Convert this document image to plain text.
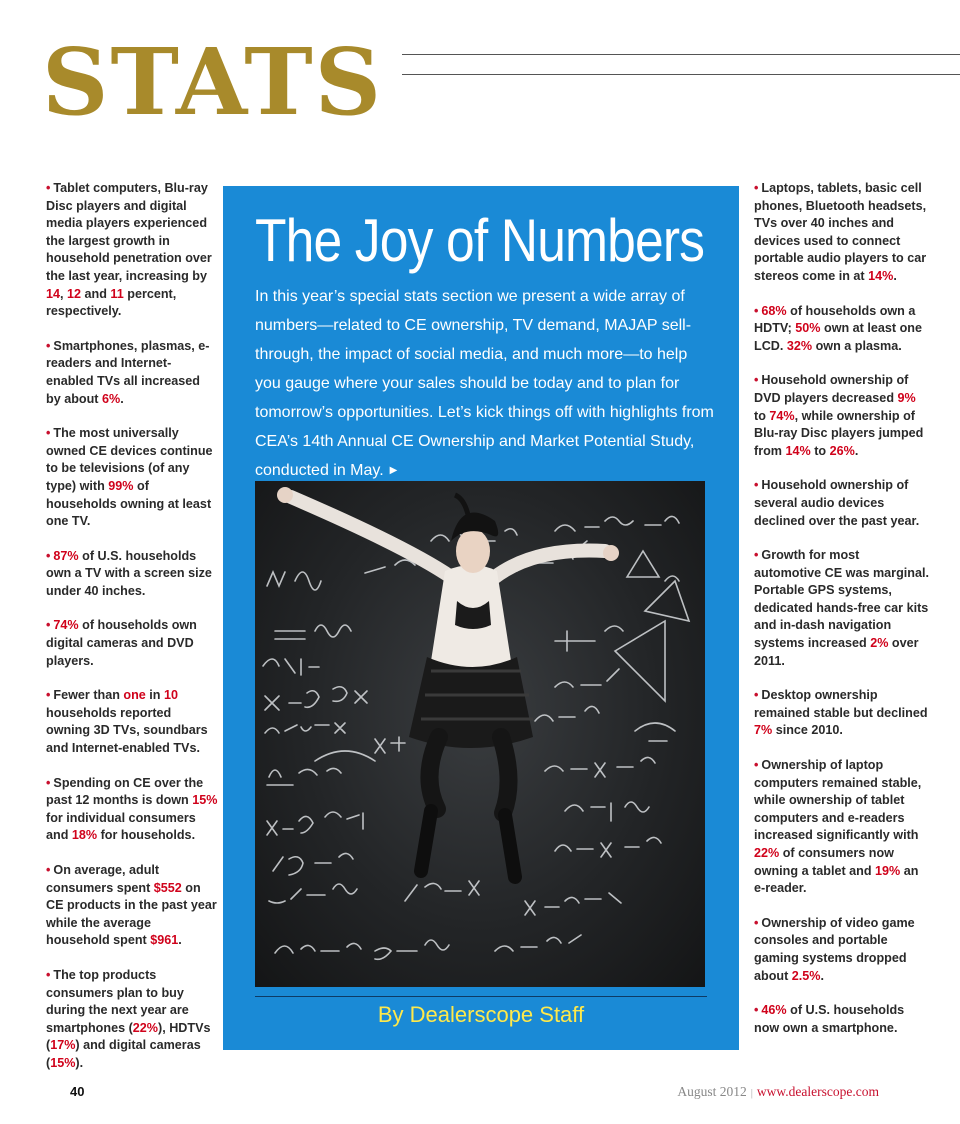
STATS
• Tablet computers, Blu-ray Disc players and digital media players experienced the largest growth in household penetration over the last year, increasing by 14, 12 and 11 percent, respectively.
• Smartphones, plasmas, e-readers and Internet-enabled TVs all increased by about 6%.
• The most universally owned CE devices continue to be televisions (of any type) with 99% of households owning at least one TV.
• 87% of U.S. households own a TV with a screen size under 40 inches.
• 74% of households own digital cameras and DVD players.
• Fewer than one in 10 households reported owning 3D TVs, soundbars and Internet-enabled TVs.
• Spending on CE over the past 12 months is down 15% for individual consumers and 18% for households.
• On average, adult consumers spent $552 on CE products in the past year while the average household spent $961.
• The top products consumers plan to buy during the next year are smartphones (22%), HDTVs (17%) and digital cameras (15%).
The Joy of Numbers
In this year’s special stats section we present a wide array of numbers—related to CE ownership, TV demand, MAJAP sell-through, the impact of social media, and much more—to help you gauge where your sales should be today and to plan for tomorrow’s opportunities. Let’s kick things off with highlights from CEA’s 14th Annual CE Ownership and Market Potential Study, conducted in May. ▶
By Dealerscope Staff
• Laptops, tablets, basic cell phones, Bluetooth headsets, TVs over 40 inches and devices used to connect portable audio players to car stereos come in at 14%.
• 68% of households own a HDTV; 50% own at least one LCD. 32% own a plasma.
• Household ownership of DVD players decreased 9% to 74%, while ownership of Blu-ray Disc players jumped from 14% to 26%.
• Household ownership of several audio devices declined over the past year.
• Growth for most automotive CE was marginal. Portable GPS systems, dedicated hands-free car kits and in-dash navigation systems increased 2% over 2011.
• Desktop ownership remained stable but declined 7% since 2010.
• Ownership of laptop computers remained stable, while ownership of tablet computers and e-readers increased significantly with 22% of consumers now owning a tablet and 19% an e-reader.
• Ownership of video game consoles and portable gaming systems dropped about 2.5%.
• 46% of U.S. households now own a smartphone.
40	August 2012 | www.dealerscope.com
